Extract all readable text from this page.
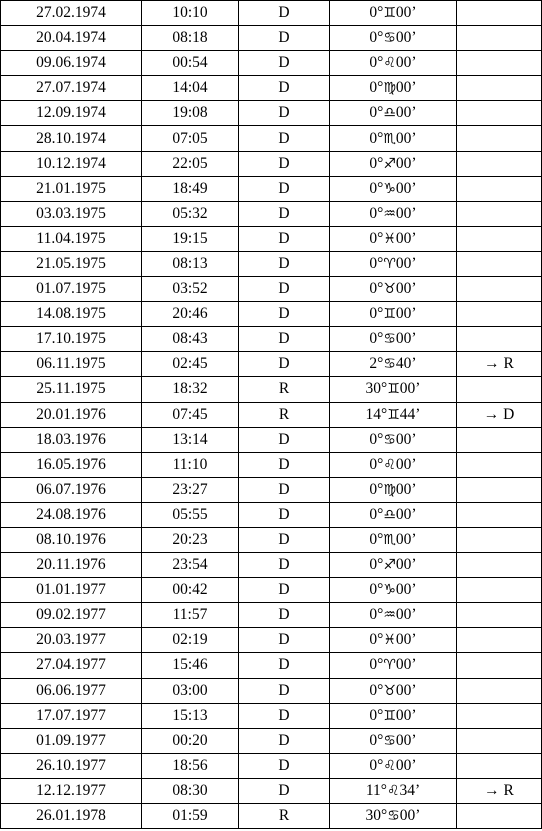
27.02.1974	10:10	D	0°♊00’	
20.04.1974	08:18	D	0°♋00’	
09.06.1974	00:54	D	0°♌00’	
27.07.1974	14:04	D	0°♍00’	
12.09.1974	19:08	D	0°♎00’	
28.10.1974	07:05	D	0°♏00’	
10.12.1974	22:05	D	0°♐00’	
21.01.1975	18:49	D	0°♑00’	
03.03.1975	05:32	D	0°♒00’	
11.04.1975	19:15	D	0°♓00’	
21.05.1975	08:13	D	0°♈00’	
01.07.1975	03:52	D	0°♉00’	
14.08.1975	20:46	D	0°♊00’	
17.10.1975	08:43	D	0°♋00’	
06.11.1975	02:45	D	2°♋40’	→ R
25.11.1975	18:32	R	30°♊00’	
20.01.1976	07:45	R	14°♊44’	→ D
18.03.1976	13:14	D	0°♋00’	
16.05.1976	11:10	D	0°♌00’	
06.07.1976	23:27	D	0°♍00’	
24.08.1976	05:55	D	0°♎00’	
08.10.1976	20:23	D	0°♏00’	
20.11.1976	23:54	D	0°♐00’	
01.01.1977	00:42	D	0°♑00’	
09.02.1977	11:57	D	0°♒00’	
20.03.1977	02:19	D	0°♓00’	
27.04.1977	15:46	D	0°♈00’	
06.06.1977	03:00	D	0°♉00’	
17.07.1977	15:13	D	0°♊00’	
01.09.1977	00:20	D	0°♋00’	
26.10.1977	18:56	D	0°♌00’	
12.12.1977	08:30	D	11°♌34’	→ R
26.01.1978	01:59	R	30°♋00’	
